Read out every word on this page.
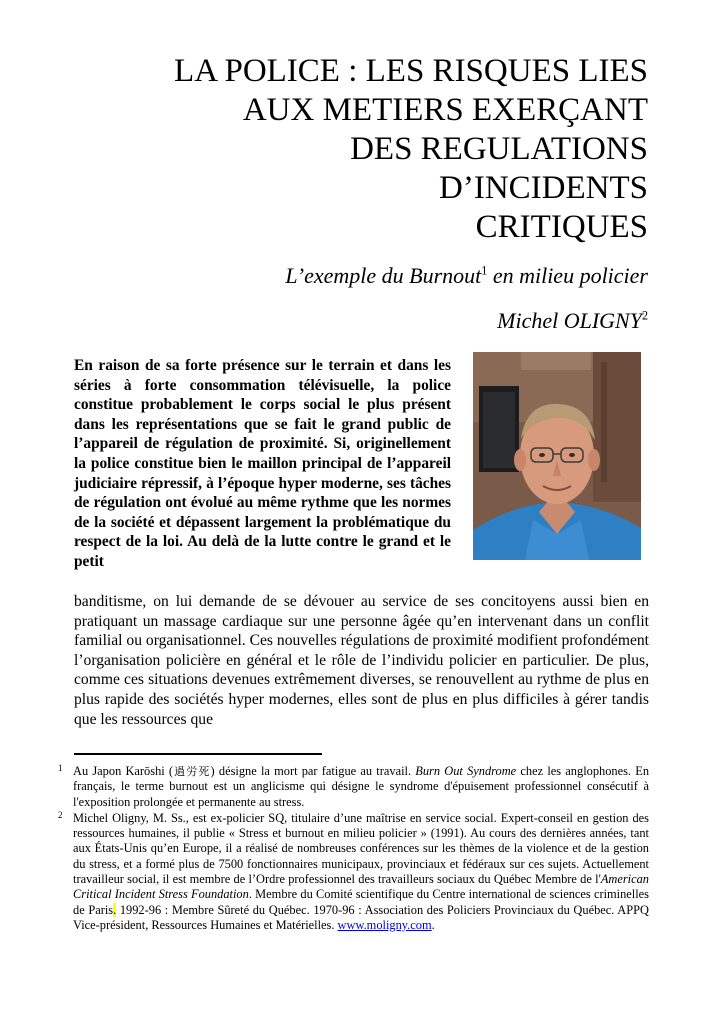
LA POLICE : LES RISQUES LIES
AUX METIERS EXERÇANT
DES REGULATIONS
D’INCIDENTS
CRITIQUES
L’exemple du Burnout$^1$ en milieu policier
Michel OLIGNY$^2$
En raison de sa forte présence sur le terrain et dans les séries à forte consommation télévisuelle, la police constitue probablement le corps social le plus présent dans les représentations que se fait le grand public de l’appareil de régulation de proximité. Si, originellement la police constitue bien le maillon principal de l’appareil judiciaire répressif, à l’époque hyper moderne, ses tâches de régulation ont évolué au même rythme que les normes de la société et dépassent largement la problématique du respect de la loi. Au delà de la lutte contre le grand et le petit
banditisme, on lui demande de se dévouer au service de ses concitoyens aussi bien en pratiquant un massage cardiaque sur une personne âgée qu’en intervenant dans un conflit familial ou organisationnel. Ces nouvelles régulations de proximité modifient profondément l’organisation policière en général et le rôle de l’individu policier en particulier. De plus, comme ces situations devenues extrêmement diverses, se renouvellent au rythme de plus en plus rapide des sociétés hyper modernes, elles sont de plus en plus difficiles à gérer tandis que les ressources que

1 Au Japon Karōshi (過労死) désigne la mort par fatigue au travail. Burn Out Syndrome chez les anglophones. En français, le terme burnout est un anglicisme qui désigne le syndrome d'épuisement professionnel consécutif à l'exposition prolongée et permanente au stress.

2 Michel Oligny, M. Ss., est ex-policier SQ, titulaire d’une maîtrise en service social. Expert-conseil en gestion des ressources humaines, il publie « Stress et burnout en milieu policier » (1991). Au cours des dernières années, tant aux États-Unis qu’en Europe, il a réalisé de nombreuses conférences sur les thèmes de la violence et de la gestion du stress, et a formé plus de 7500 fonctionnaires municipaux, provinciaux et fédéraux sur ces sujets. Actuellement travailleur social, il est membre de l’Ordre professionnel des travailleurs sociaux du Québec Membre de l'American Critical Incident Stress Foundation. Membre du Comité scientifique du Centre international de sciences criminelles de Paris. 1992-96 : Membre Sûreté du Québec. 1970-96 : Association des Policiers Provinciaux du Québec. APPQ Vice-président, Ressources Humaines et Matérielles. www.moligny.com.
